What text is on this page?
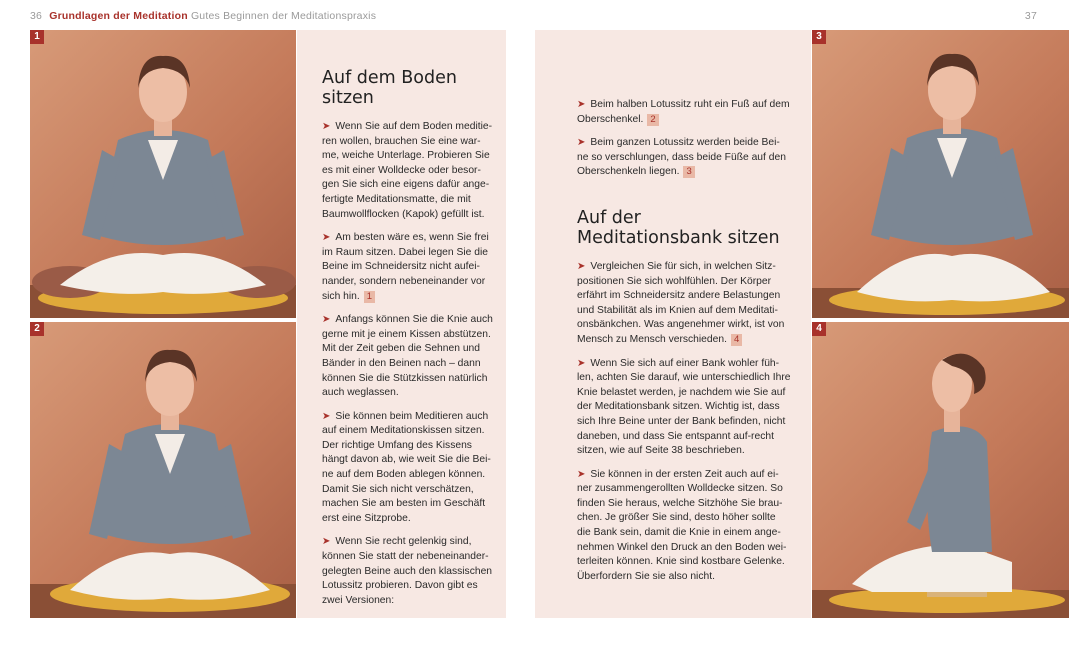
36 Grundlagen der Meditation Gutes Beginnen der Meditationspraxis	37
1
2
3
4
Auf dem Boden sitzen

➤ Wenn Sie auf dem Boden meditie-ren wollen, brauchen Sie eine war-me, weiche Unterlage. Probieren Sie es mit einer Wolldecke oder besor-gen Sie sich eine eigens dafür ange-fertigte Meditationsmatte, die mit Baumwollflocken (Kapok) gefüllt ist.

➤ Am besten wäre es, wenn Sie frei im Raum sitzen. Dabei legen Sie die Beine im Schneidersitz nicht aufei-nander, sondern nebeneinander vor sich hin. 1

➤ Anfangs können Sie die Knie auch gerne mit je einem Kissen abstützen. Mit der Zeit geben die Sehnen und Bänder in den Beinen nach – dann können Sie die Stützkissen natürlich auch weglassen.

➤ Sie können beim Meditieren auch auf einem Meditationskissen sitzen. Der richtige Umfang des Kissens hängt davon ab, wie weit Sie die Bei-ne auf dem Boden ablegen können. Damit Sie sich nicht verschätzen, machen Sie am besten im Geschäft erst eine Sitzprobe.

➤ Wenn Sie recht gelenkig sind, können Sie statt der nebeneinander-gelegten Beine auch den klassischen Lotussitz probieren. Davon gibt es zwei Versionen:

➤ Beim halben Lotussitz ruht ein Fuß auf dem Oberschenkel. 2

➤ Beim ganzen Lotussitz werden beide Bei-ne so verschlungen, dass beide Füße auf den Oberschenkeln liegen. 3

Auf der Meditationsbank sitzen

➤ Vergleichen Sie für sich, in welchen Sitz-positionen Sie sich wohlfühlen. Der Körper erfährt im Schneidersitz andere Belastungen und Stabilität als im Knien auf dem Meditati-onsbänkchen. Was angenehmer wirkt, ist von Mensch zu Mensch verschieden. 4

➤ Wenn Sie sich auf einer Bank wohler füh-len, achten Sie darauf, wie unterschiedlich Ihre Knie belastet werden, je nachdem wie Sie auf der Meditationsbank sitzen. Wichtig ist, dass sich Ihre Beine unter der Bank befinden, nicht daneben, und dass Sie entspannt auf-recht sitzen, wie auf Seite 38 beschrieben.

➤ Sie können in der ersten Zeit auch auf ei-ner zusammengerollten Wolldecke sitzen. So finden Sie heraus, welche Sitzhöhe Sie brau-chen. Je größer Sie sind, desto höher sollte die Bank sein, damit die Knie in einem ange-nehmen Winkel den Druck an den Boden wei-terleiten können. Knie sind kostbare Gelenke. Überfordern Sie sie also nicht.
